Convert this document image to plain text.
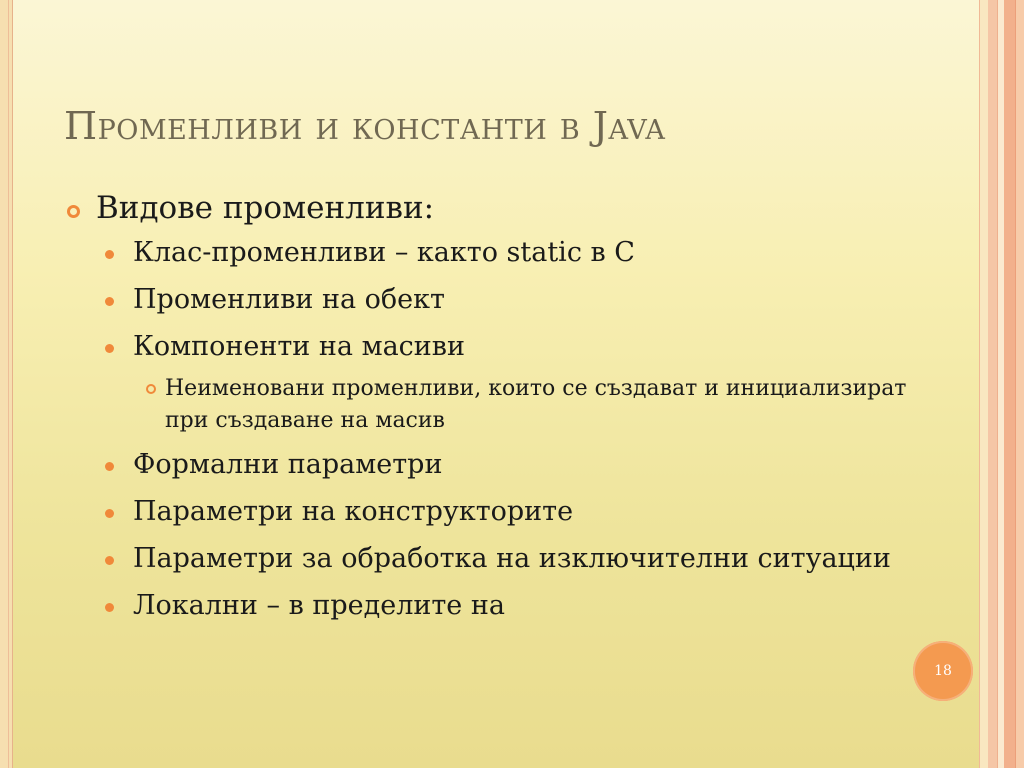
Променливи и константи в Java
Видове променливи:
Клас-променливи – както static в C
Променливи на обект
Компоненти на масиви
Неименовани променливи, които се създават и инициализират при създаване на масив
Формални параметри
Параметри на конструкторите
Параметри за обработка на изключителни ситуации
Локални – в пределите на
18
